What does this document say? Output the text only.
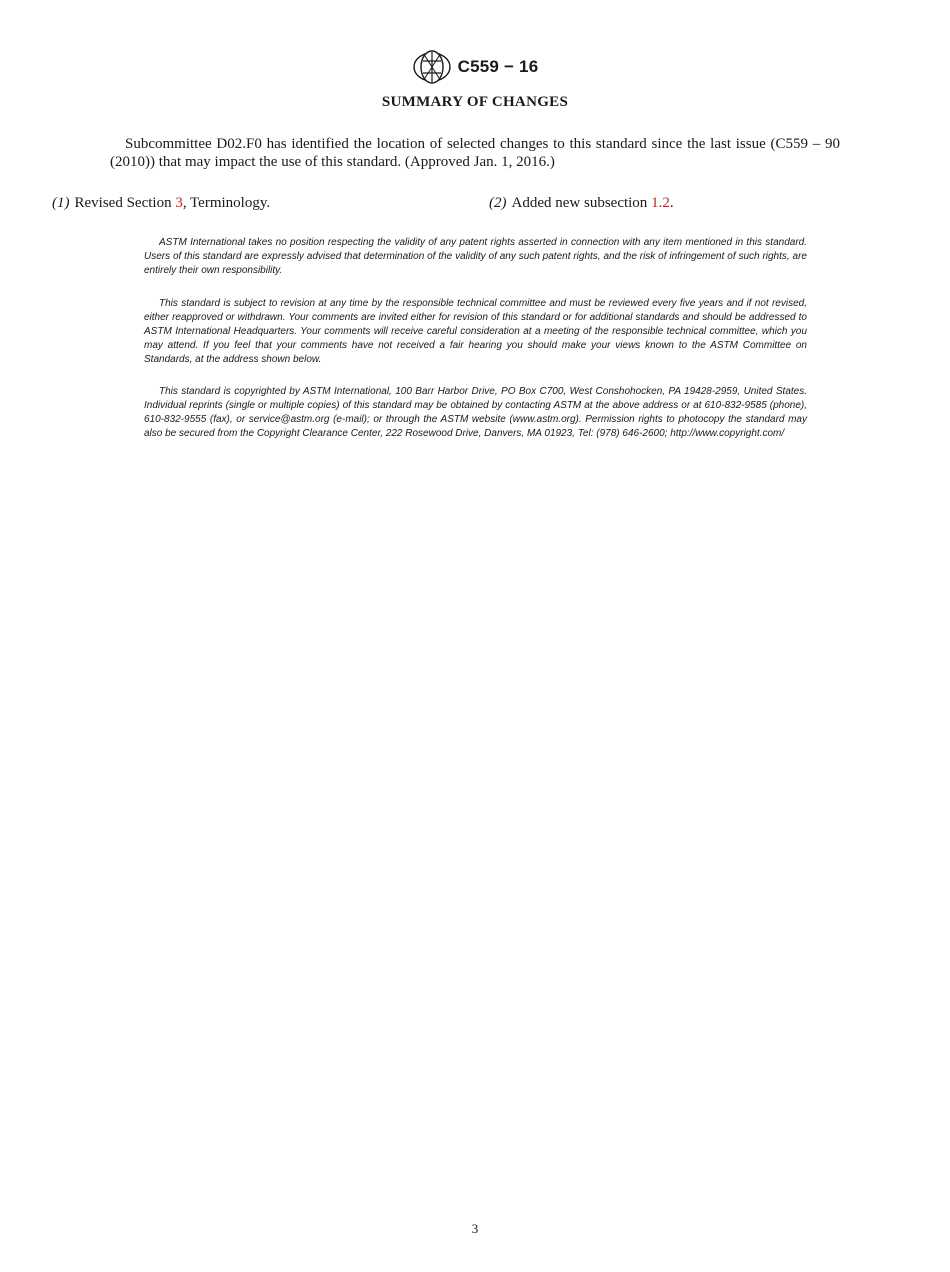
C559 − 16
SUMMARY OF CHANGES

Subcommittee D02.F0 has identified the location of selected changes to this standard since the last issue (C559 – 90 (2010)) that may impact the use of this standard. (Approved Jan. 1, 2016.)

(1) Revised Section 3, Terminology.	(2) Added new subsection 1.2.

ASTM International takes no position respecting the validity of any patent rights asserted in connection with any item mentioned in this standard. Users of this standard are expressly advised that determination of the validity of any such patent rights, and the risk of infringement of such rights, are entirely their own responsibility.

This standard is subject to revision at any time by the responsible technical committee and must be reviewed every five years and if not revised, either reapproved or withdrawn. Your comments are invited either for revision of this standard or for additional standards and should be addressed to ASTM International Headquarters. Your comments will receive careful consideration at a meeting of the responsible technical committee, which you may attend. If you feel that your comments have not received a fair hearing you should make your views known to the ASTM Committee on Standards, at the address shown below.

This standard is copyrighted by ASTM International, 100 Barr Harbor Drive, PO Box C700, West Conshohocken, PA 19428-2959, United States. Individual reprints (single or multiple copies) of this standard may be obtained by contacting ASTM at the above address or at 610-832-9585 (phone), 610-832-9555 (fax), or service@astm.org (e-mail); or through the ASTM website (www.astm.org). Permission rights to photocopy the standard may also be secured from the Copyright Clearance Center, 222 Rosewood Drive, Danvers, MA 01923, Tel: (978) 646-2600; http://www.copyright.com/

3
